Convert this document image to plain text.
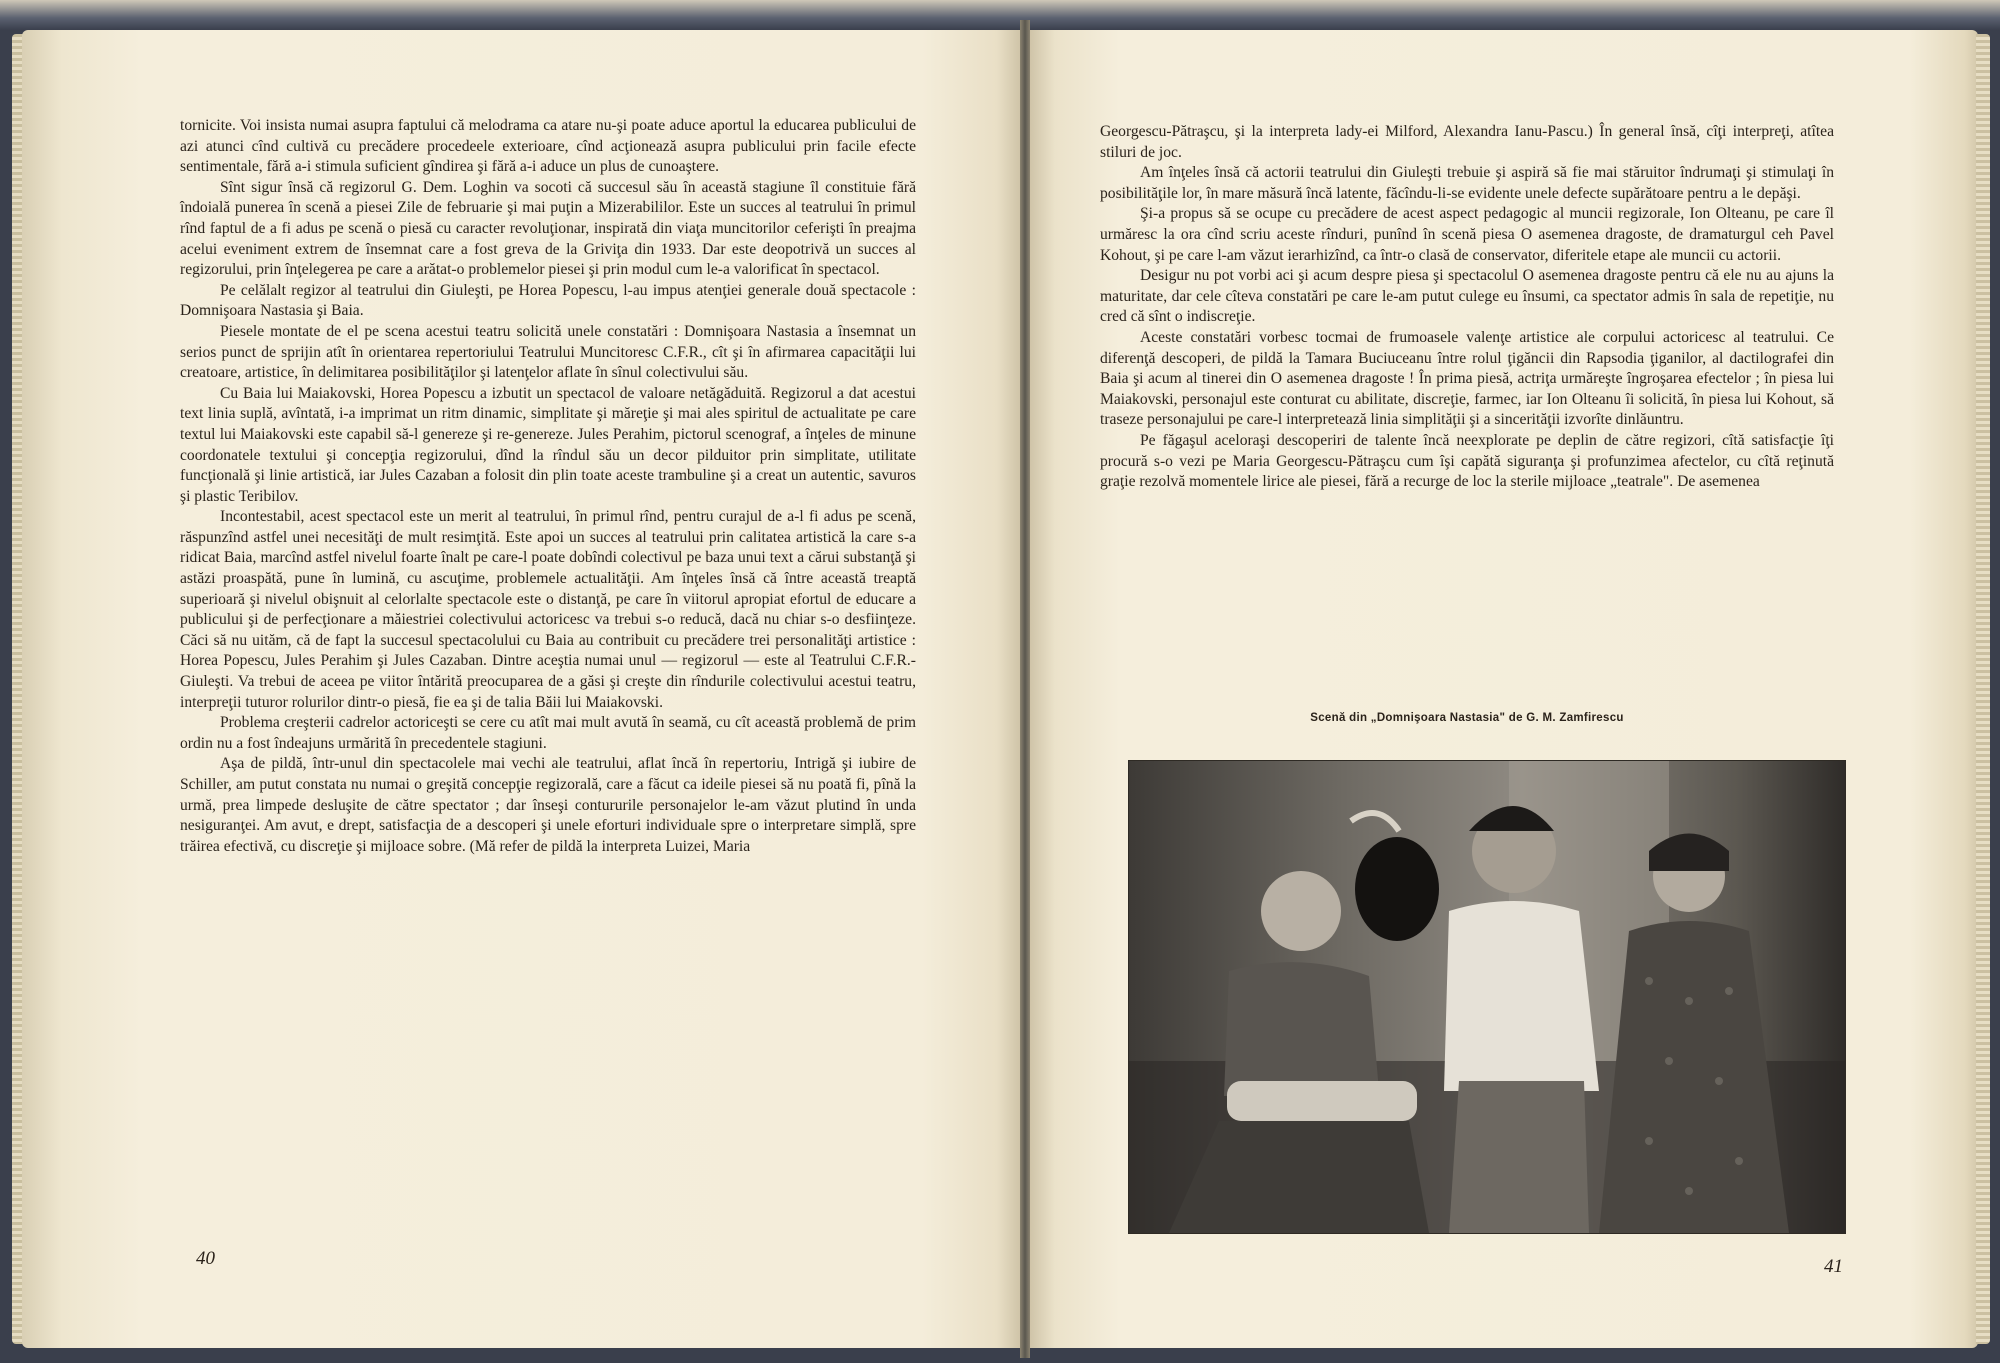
tornicite. Voi insista numai asupra faptului că melodrama ca atare nu-şi poate aduce aportul la educarea publicului de azi atunci cînd cultivă cu precădere procedeele exterioare, cînd acţionează asupra publicului prin facile efecte sentimentale, fără a-i stimula suficient gîndirea şi fără a-i aduce un plus de cunoaştere.

Sînt sigur însă că regizorul G. Dem. Loghin va socoti că succesul său în această stagiune îl constituie fără îndoială punerea în scenă a piesei Zile de februarie şi mai puţin a Mizerabililor. Este un succes al teatrului în primul rînd faptul de a fi adus pe scenă o piesă cu caracter revoluţionar, inspirată din viaţa muncitorilor ceferişti în preajma acelui eveniment extrem de însemnat care a fost greva de la Griviţa din 1933. Dar este deopotrivă un succes al regizorului, prin înţelegerea pe care a arătat-o problemelor piesei şi prin modul cum le-a valorificat în spectacol.

Pe celălalt regizor al teatrului din Giuleşti, pe Horea Popescu, l-au impus atenţiei generale două spectacole : Domnişoara Nastasia şi Baia.

Piesele montate de el pe scena acestui teatru solicită unele constatări : Domnişoara Nastasia a însemnat un serios punct de sprijin atît în orientarea repertoriului Teatrului Muncitoresc C.F.R., cît şi în afirmarea capacităţii lui creatoare, artistice, în delimitarea posibilităţilor şi latenţelor aflate în sînul colectivului său.

Cu Baia lui Maiakovski, Horea Popescu a izbutit un spectacol de valoare netăgăduită. Regizorul a dat acestui text linia suplă, avîntată, i-a imprimat un ritm dinamic, simplitate şi măreţie şi mai ales spiritul de actualitate pe care textul lui Maiakovski este capabil să-l genereze şi re-genereze. Jules Perahim, pictorul scenograf, a înţeles de minune coordonatele textului şi concepţia regizorului, dînd la rîndul său un decor pilduitor prin simplitate, utilitate funcţională şi linie artistică, iar Jules Cazaban a folosit din plin toate aceste trambuline şi a creat un autentic, savuros şi plastic Teribilov.

Incontestabil, acest spectacol este un merit al teatrului, în primul rînd, pentru curajul de a-l fi adus pe scenă, răspunzînd astfel unei necesităţi de mult resimţită. Este apoi un succes al teatrului prin calitatea artistică la care s-a ridicat Baia, marcînd astfel nivelul foarte înalt pe care-l poate dobîndi colectivul pe baza unui text a cărui substanţă şi astăzi proaspătă, pune în lumină, cu ascuţime, problemele actualităţii. Am înţeles însă că între această treaptă superioară şi nivelul obişnuit al celorlalte spectacole este o distanţă, pe care în viitorul apropiat efortul de educare a publicului şi de perfecţionare a măiestriei colectivului actoricesc va trebui s-o reducă, dacă nu chiar s-o desfiinţeze. Căci să nu uităm, că de fapt la succesul spectacolului cu Baia au contribuit cu precădere trei personalităţi artistice : Horea Popescu, Jules Perahim şi Jules Cazaban. Dintre aceştia numai unul — regizorul — este al Teatrului C.F.R.-Giuleşti. Va trebui de aceea pe viitor întărită preocuparea de a găsi şi creşte din rîndurile colectivului acestui teatru, interpreţii tuturor rolurilor dintr-o piesă, fie ea şi de talia Băii lui Maiakovski.

Problema creşterii cadrelor actoriceşti se cere cu atît mai mult avută în seamă, cu cît această problemă de prim ordin nu a fost îndeajuns urmărită în precedentele stagiuni.

Aşa de pildă, într-unul din spectacolele mai vechi ale teatrului, aflat încă în repertoriu, Intrigă şi iubire de Schiller, am putut constata nu numai o greşită concepţie regizorală, care a făcut ca ideile piesei să nu poată fi, pînă la urmă, prea limpede desluşite de către spectator ; dar înseşi contururile personajelor le-am văzut plutind în unda nesiguranţei. Am avut, e drept, satisfacţia de a descoperi şi unele eforturi individuale spre o interpretare simplă, spre trăirea efectivă, cu discreţie şi mijloace sobre. (Mă refer de pildă la interpreta Luizei, Maria

40

Georgescu-Pătraşcu, şi la interpreta lady-ei Milford, Alexandra Ianu-Pascu.) În general însă, cîţi interpreţi, atîtea stiluri de joc.

Am înţeles însă că actorii teatrului din Giuleşti trebuie şi aspiră să fie mai stăruitor îndrumaţi şi stimulaţi în posibilităţile lor, în mare măsură încă latente, făcîndu-li-se evidente unele defecte supărătoare pentru a le depăşi.

Şi-a propus să se ocupe cu precădere de acest aspect pedagogic al muncii regizorale, Ion Olteanu, pe care îl urmăresc la ora cînd scriu aceste rînduri, punînd în scenă piesa O asemenea dragoste, de dramaturgul ceh Pavel Kohout, şi pe care l-am văzut ierarhizînd, ca într-o clasă de conservator, diferitele etape ale muncii cu actorii.

Desigur nu pot vorbi aci şi acum despre piesa şi spectacolul O asemenea dragoste pentru că ele nu au ajuns la maturitate, dar cele cîteva constatări pe care le-am putut culege eu însumi, ca spectator admis în sala de repetiţie, nu cred că sînt o indiscreţie.

Aceste constatări vorbesc tocmai de frumoasele valenţe artistice ale corpului actoricesc al teatrului. Ce diferenţă descoperi, de pildă la Tamara Buciuceanu între rolul ţigăncii din Rapsodia ţiganilor, al dactilografei din Baia şi acum al tinerei din O asemenea dragoste ! În prima piesă, actriţa urmăreşte îngroşarea efectelor ; în piesa lui Maiakovski, personajul este conturat cu abilitate, discreţie, farmec, iar Ion Olteanu îi solicită, în piesa lui Kohout, să traseze personajului pe care-l interpretează linia simplităţii şi a sincerităţii izvorîte dinlăuntru.

Pe făgaşul aceloraşi descoperiri de talente încă neexplorate pe deplin de către regizori, cîtă satisfacţie îţi procură s-o vezi pe Maria Georgescu-Pătraşcu cum îşi capătă siguranţa şi profunzimea afectelor, cu cîtă reţinută graţie rezolvă momentele lirice ale piesei, fără a recurge de loc la sterile mijloace „teatrale". De asemenea

Scenă din „Domnişoara Nastasia" de G. M. Zamfirescu
41
